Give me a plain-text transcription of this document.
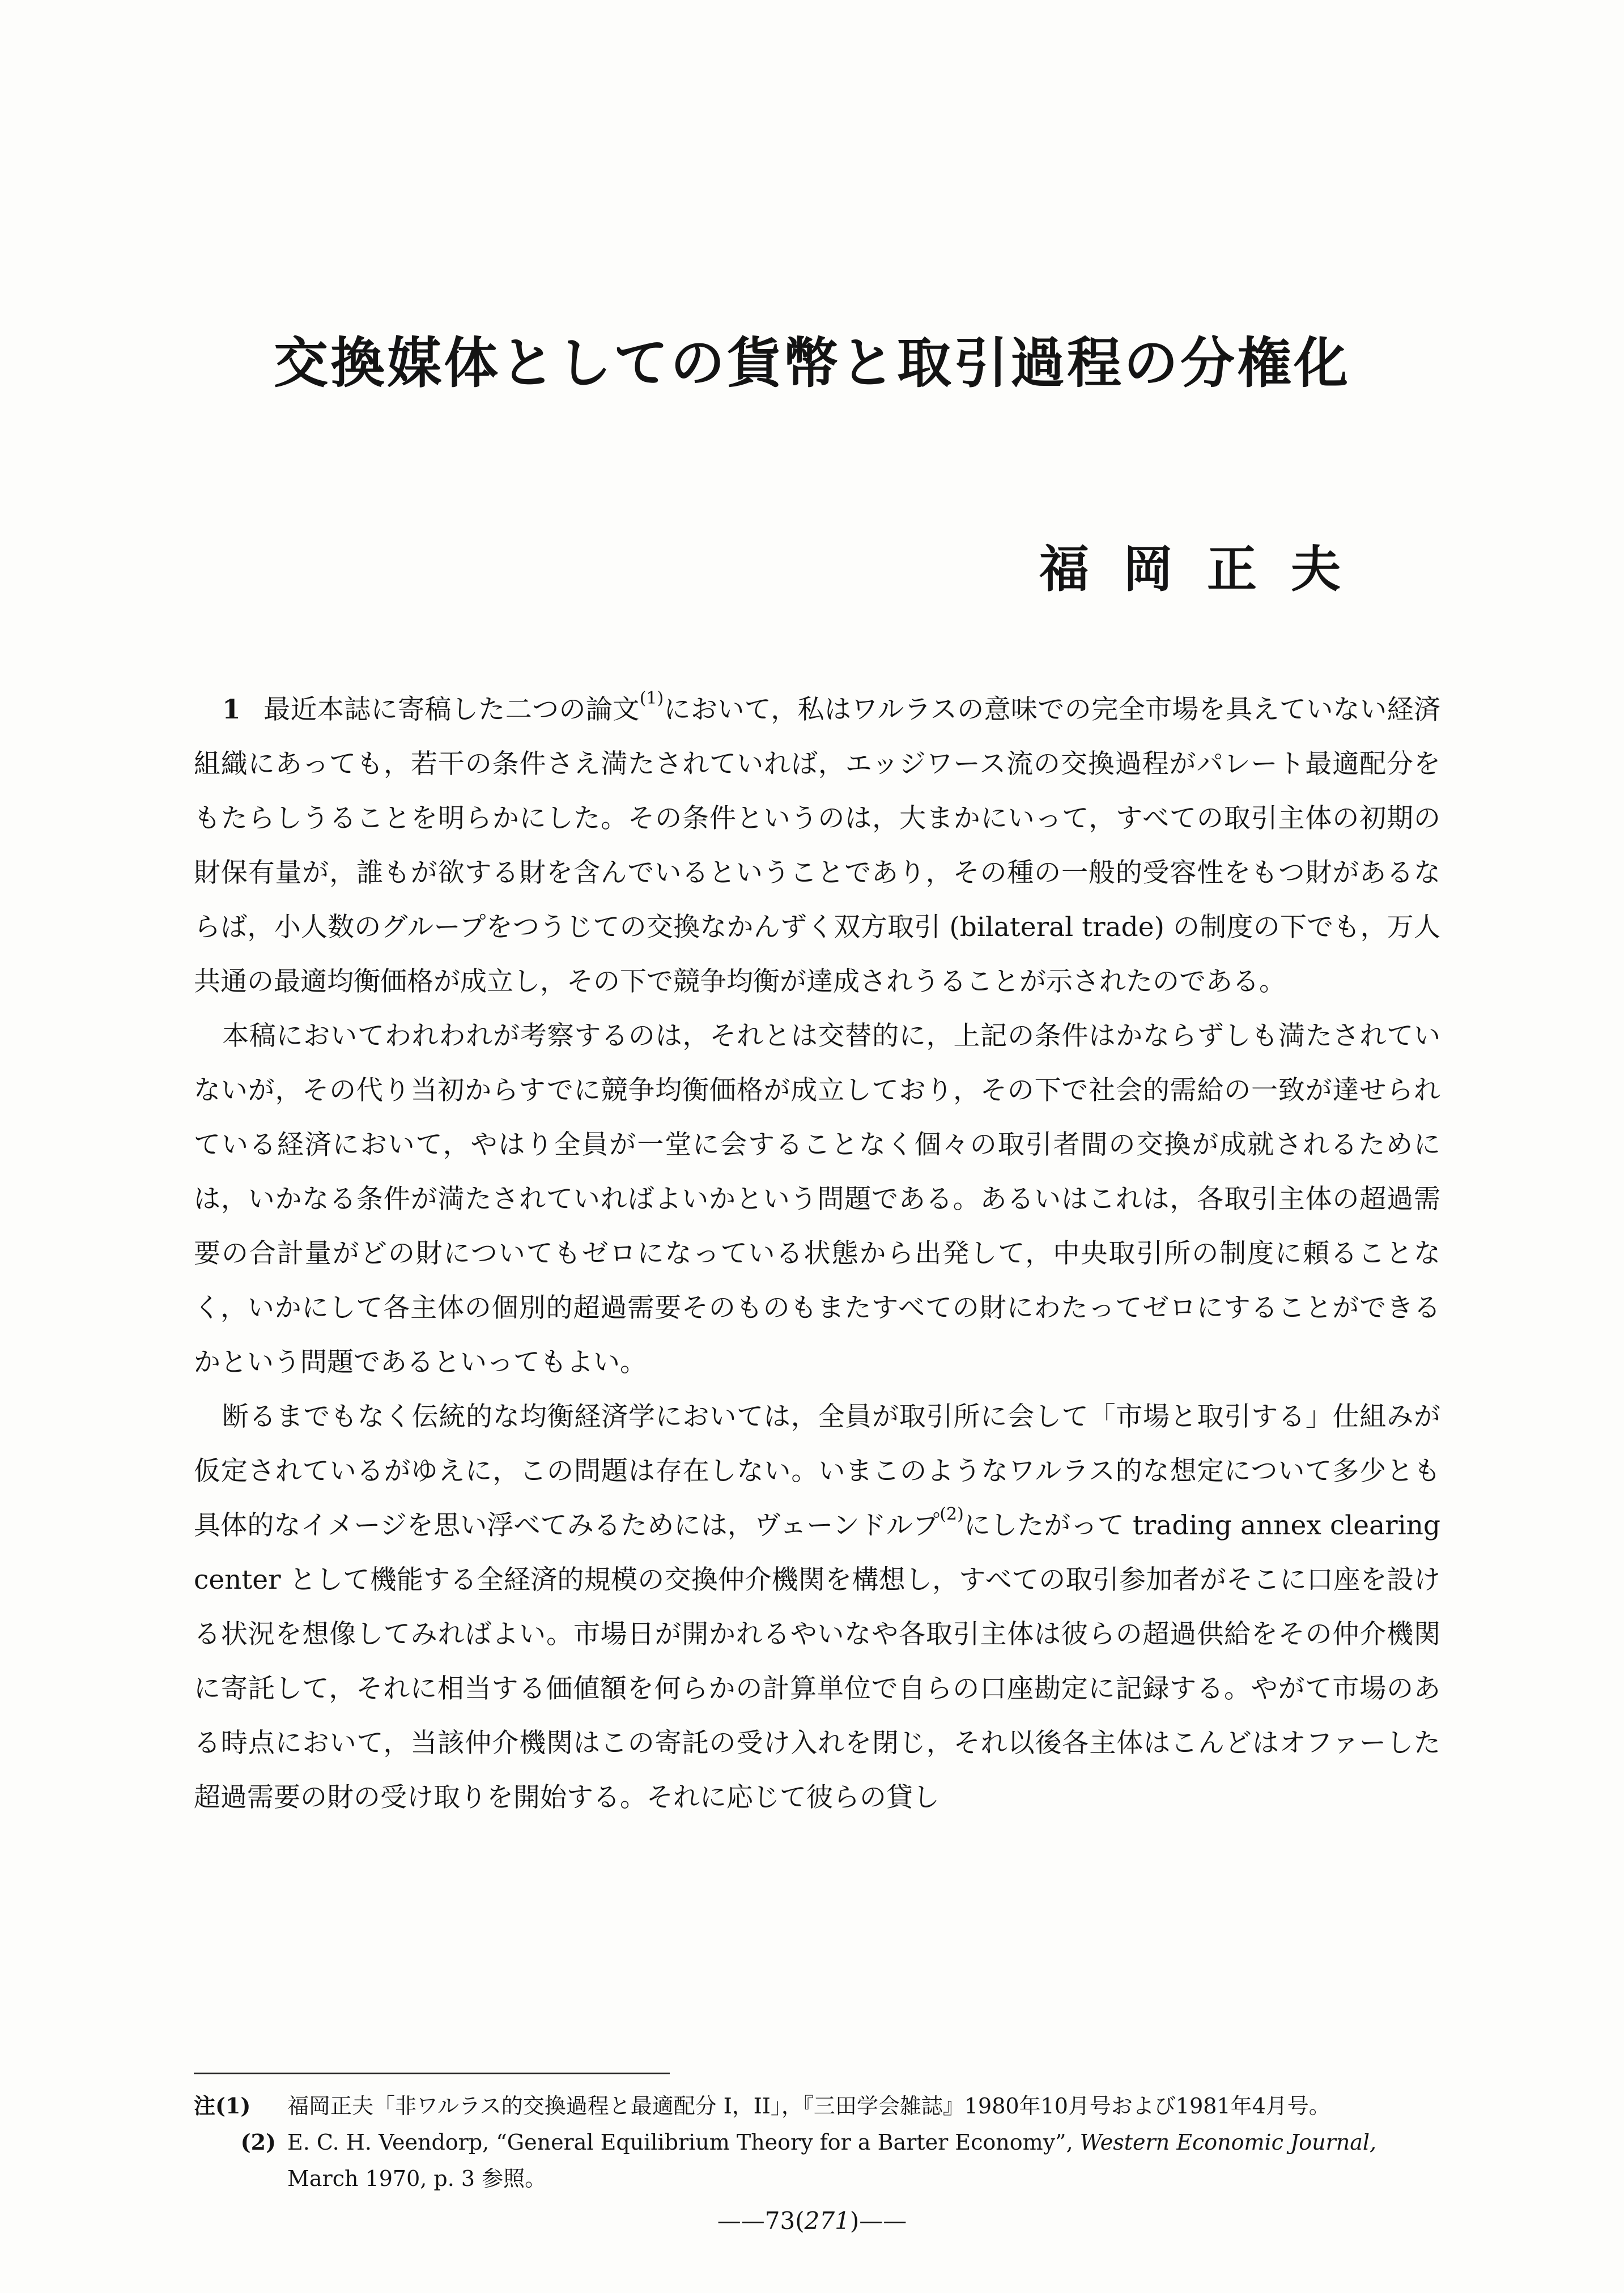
交換媒体としての貨幣と取引過程の分権化
福岡正夫

1 最近本誌に寄稿した二つの論文$^{(1)}$において，私はワルラスの意味での完全市場を具えていない経済組織にあっても，若干の条件さえ満たされていれば，エッジワース流の交換過程がパレート最適配分をもたらしうることを明らかにした。その条件というのは，大まかにいって，すべての取引主体の初期の財保有量が，誰もが欲する財を含んでいるということであり，その種の一般的受容性をもつ財があるならば，小人数のグループをつうじての交換なかんずく双方取引 (bilateral trade) の制度の下でも，万人共通の最適均衡価格が成立し，その下で競争均衡が達成されうることが示されたのである。

本稿においてわれわれが考察するのは，それとは交替的に，上記の条件はかならずしも満たされていないが，その代り当初からすでに競争均衡価格が成立しており，その下で社会的需給の一致が達せられている経済において，やはり全員が一堂に会することなく個々の取引者間の交換が成就されるためには，いかなる条件が満たされていればよいかという問題である。あるいはこれは，各取引主体の超過需要の合計量がどの財についてもゼロになっている状態から出発して，中央取引所の制度に頼ることなく，いかにして各主体の個別的超過需要そのものもまたすべての財にわたってゼロにすることができるかという問題であるといってもよい。

断るまでもなく伝統的な均衡経済学においては，全員が取引所に会して「市場と取引する」仕組みが仮定されているがゆえに，この問題は存在しない。いまこのようなワルラス的な想定について多少とも具体的なイメージを思い浮べてみるためには，ヴェーンドルプ$^{(2)}$にしたがって trading annex clearing center として機能する全経済的規模の交換仲介機関を構想し，すべての取引参加者がそこに口座を設ける状況を想像してみればよい。市場日が開かれるやいなや各取引主体は彼らの超過供給をその仲介機関に寄託して，それに相当する価値額を何らかの計算単位で自らの口座勘定に記録する。やがて市場のある時点において，当該仲介機関はこの寄託の受け入れを閉じ，それ以後各主体はこんどはオファーした超過需要の財の受け取りを開始する。それに応じて彼らの貸し

注(1)	福岡正夫「非ワルラス的交換過程と最適配分 I，II」，『三田学会雑誌』1980年10月号および1981年4月号。
(2) E. C. H. Veendorp, “General Equilibrium Theory for a Barter Economy”, Western Economic Journal, March 1970, p. 3 参照。
——73(271)——
